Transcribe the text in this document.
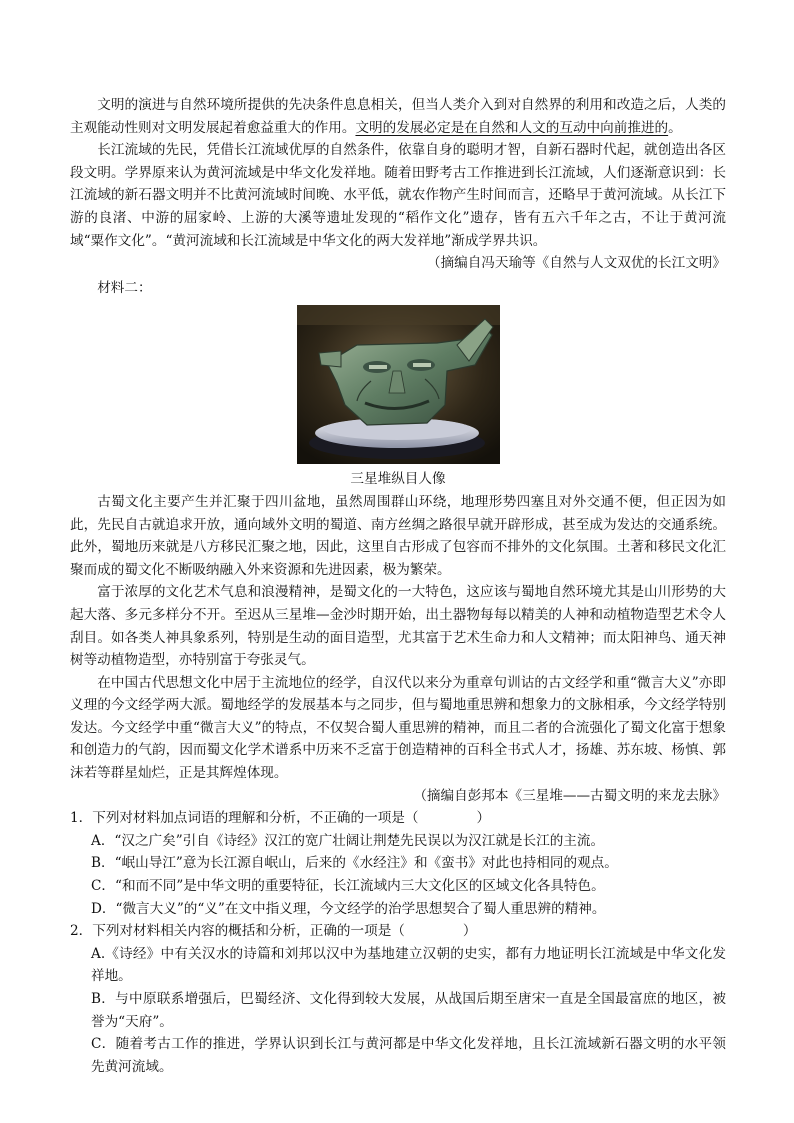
文明的演进与自然环境所提供的先决条件息息相关，但当人类介入到对自然界的利用和改造之后，人类的主观能动性则对文明发展起着愈益重大的作用。文明的发展必定是在自然和人文的互动中向前推进的。

长江流域的先民，凭借长江流域优厚的自然条件，依靠自身的聪明才智，自新石器时代起，就创造出各区段文明。学界原来认为黄河流域是中华文化发祥地。随着田野考古工作推进到长江流域，人们逐渐意识到：长江流域的新石器文明并不比黄河流域时间晚、水平低，就农作物产生时间而言，还略早于黄河流域。从长江下游的良渚、中游的屈家岭、上游的大溪等遗址发现的“稻作文化”遗存，皆有五六千年之古，不让于黄河流域“粟作文化”。“黄河流域和长江流域是中华文化的两大发祥地”渐成学界共识。

（摘编自冯天瑜等《自然与人文双优的长江文明》

材料二：

三星堆纵目人像

古蜀文化主要产生并汇聚于四川盆地，虽然周围群山环绕，地理形势四塞且对外交通不便，但正因为如此，先民自古就追求开放，通向域外文明的蜀道、南方丝绸之路很早就开辟形成，甚至成为发达的交通系统。此外，蜀地历来就是八方移民汇聚之地，因此，这里自古形成了包容而不排外的文化氛围。土著和移民文化汇聚而成的蜀文化不断吸纳融入外来资源和先进因素，极为繁荣。

富于浓厚的文化艺术气息和浪漫精神，是蜀文化的一大特色，这应该与蜀地自然环境尤其是山川形势的大起大落、多元多样分不开。至迟从三星堆—金沙时期开始，出土器物每每以精美的人神和动植物造型艺术令人刮目。如各类人神具象系列，特别是生动的面目造型，尤其富于艺术生命力和人文精神；而太阳神鸟、通天神树等动植物造型，亦特别富于夸张灵气。

在中国古代思想文化中居于主流地位的经学，自汉代以来分为重章句训诂的古文经学和重“微言大义”亦即义理的今文经学两大派。蜀地经学的发展基本与之同步，但与蜀地重思辨和想象力的文脉相承，今文经学特别发达。今文经学中重“微言大义”的特点，不仅契合蜀人重思辨的精神，而且二者的合流强化了蜀文化富于想象和创造力的气韵，因而蜀文化学术谱系中历来不乏富于创造精神的百科全书式人才，扬雄、苏东坡、杨慎、郭沫若等群星灿烂，正是其辉煌体现。

（摘编自彭邦本《三星堆——古蜀文明的来龙去脉》

1．下列对材料加点词语的理解和分析，不正确的一项是（	）

A．“汉之广矣”引自《诗经》汉江的宽广壮阔让荆楚先民误以为汉江就是长江的主流。

B．“岷山导江”意为长江源自岷山，后来的《水经注》和《蛮书》对此也持相同的观点。

C．“和而不同”是中华文明的重要特征，长江流域内三大文化区的区域文化各具特色。

D．“微言大义”的“义”在文中指义理，今文经学的治学思想契合了蜀人重思辨的精神。

2．下列对材料相关内容的概括和分析，正确的一项是（	）

A.《诗经》中有关汉水的诗篇和刘邦以汉中为基地建立汉朝的史实，都有力地证明长江流域是中华文化发祥地。

B．与中原联系增强后，巴蜀经济、文化得到较大发展，从战国后期至唐宋一直是全国最富庶的地区，被誉为“天府”。

C．随着考古工作的推进，学界认识到长江与黄河都是中华文化发祥地，且长江流域新石器文明的水平领先黄河流域。
